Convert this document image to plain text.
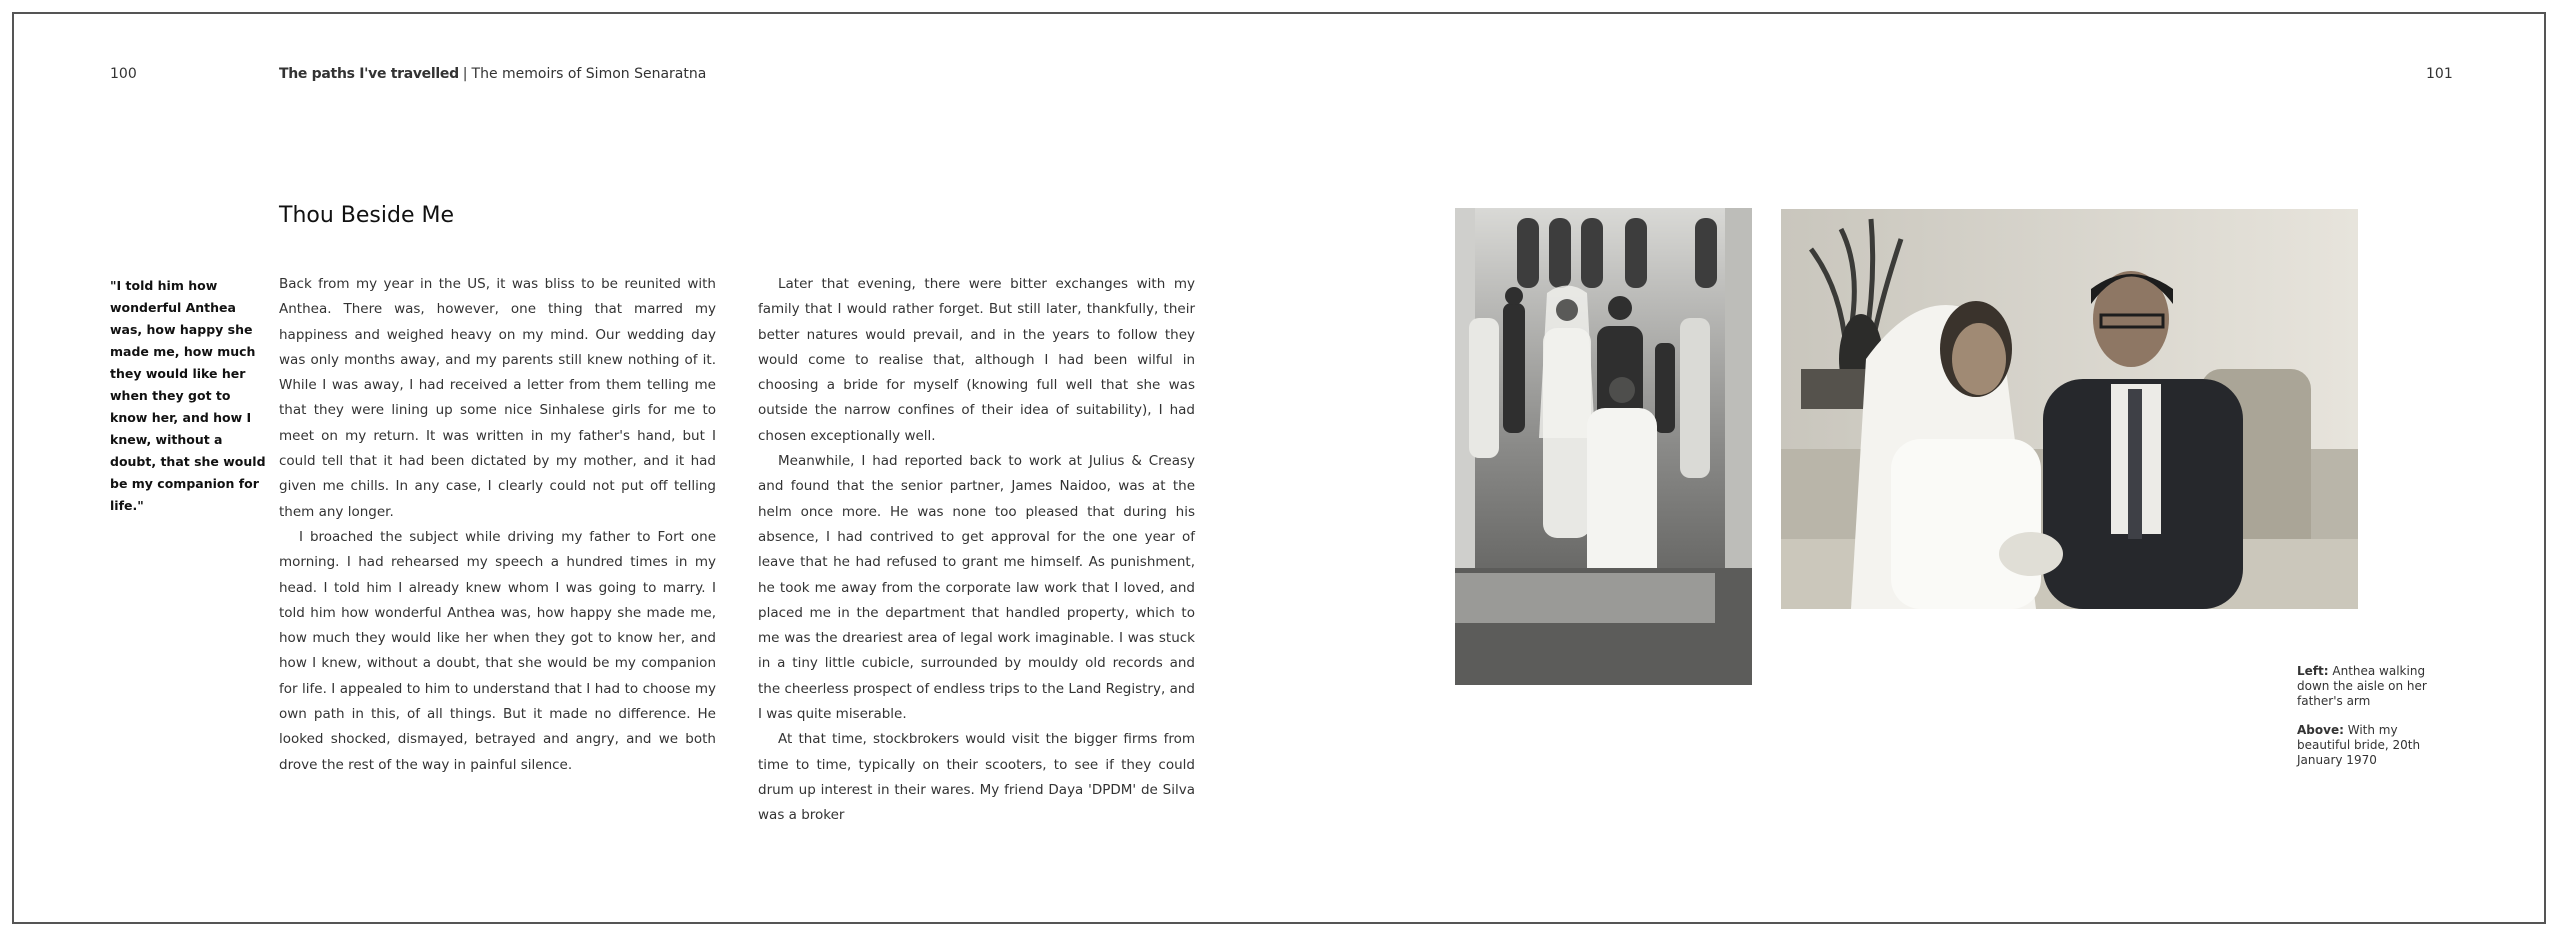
100	The paths I've travelled | The memoirs of Simon Senaratna	101
Thou Beside Me

"I told him how wonderful Anthea was, how happy she made me, how much they would like her when they got to know her, and how I knew, without a doubt, that she would be my companion for life."

Back from my year in the US, it was bliss to be reunited with Anthea. There was, however, one thing that marred my happiness and weighed heavy on my mind. Our wedding day was only months away, and my parents still knew nothing of it. While I was away, I had received a letter from them telling me that they were lining up some nice Sinhalese girls for me to meet on my return. It was written in my father's hand, but I could tell that it had been dictated by my mother, and it had given me chills. In any case, I clearly could not put off telling them any longer.

I broached the subject while driving my father to Fort one morning. I had rehearsed my speech a hundred times in my head. I told him I already knew whom I was going to marry. I told him how wonderful Anthea was, how happy she made me, how much they would like her when they got to know her, and how I knew, without a doubt, that she would be my companion for life. I appealed to him to understand that I had to choose my own path in this, of all things. But it made no difference. He looked shocked, dismayed, betrayed and angry, and we both drove the rest of the way in painful silence.

Later that evening, there were bitter exchanges with my family that I would rather forget. But still later, thankfully, their better natures would prevail, and in the years to follow they would come to realise that, although I had been wilful in choosing a bride for myself (knowing full well that she was outside the narrow confines of their idea of suitability), I had chosen exceptionally well.

Meanwhile, I had reported back to work at Julius & Creasy and found that the senior partner, James Naidoo, was at the helm once more. He was none too pleased that during his absence, I had contrived to get approval for the one year of leave that he had refused to grant me himself. As punishment, he took me away from the corporate law work that I loved, and placed me in the department that handled property, which to me was the dreariest area of legal work imaginable. I was stuck in a tiny little cubicle, surrounded by mouldy old records and the cheerless prospect of endless trips to the Land Registry, and I was quite miserable.

At that time, stockbrokers would visit the bigger firms from time to time, typically on their scooters, to see if they could drum up interest in their wares. My friend Daya 'DPDM' de Silva was a broker

Left: Anthea walking down the aisle on her father's arm

Above: With my beautiful bride, 20th January 1970
